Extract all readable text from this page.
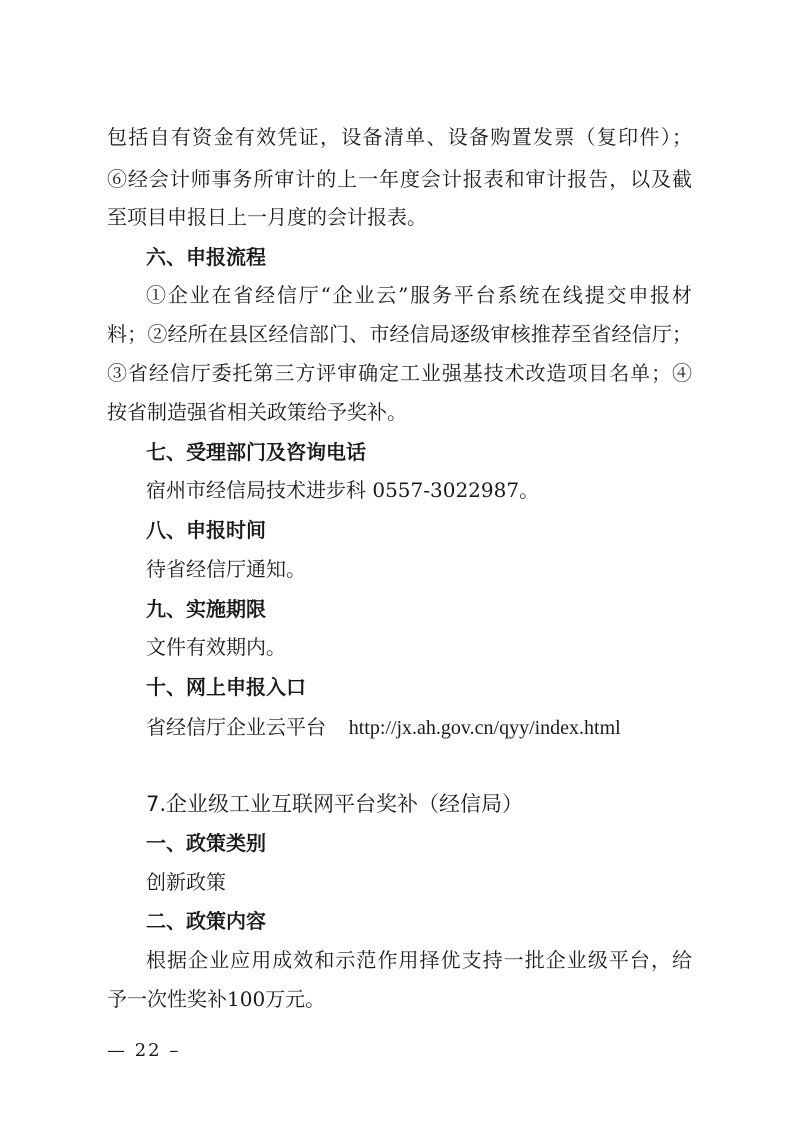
包括自有资金有效凭证，设备清单、设备购置发票（复印件）；
⑥经会计师事务所审计的上一年度会计报表和审计报告，以及截
至项目申报日上一月度的会计报表。
六、申报流程
①企业在省经信厅“企业云”服务平台系统在线提交申报材
料；②经所在县区经信部门、市经信局逐级审核推荐至省经信厅；
③省经信厅委托第三方评审确定工业强基技术改造项目名单；④
按省制造强省相关政策给予奖补。
七、受理部门及咨询电话
宿州市经信局技术进步科 0557-3022987。
八、申报时间
待省经信厅通知。
九、实施期限
文件有效期内。
十、网上申报入口
省经信厅企业云平台 http://jx.ah.gov.cn/qyy/index.html
7.企业级工业互联网平台奖补（经信局）
一、政策类别
创新政策
二、政策内容
根据企业应用成效和示范作用择优支持一批企业级平台，给
予一次性奖补100万元。
— 22 –
